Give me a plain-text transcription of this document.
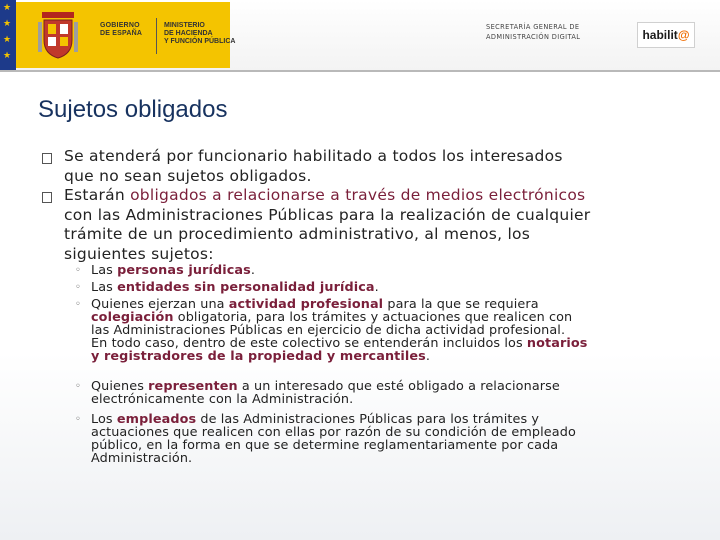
★
★
★
★
GOBIERNO
DE ESPAÑA
MINISTERIO
DE HACIENDA
Y FUNCIÓN PÚBLICA
SECRETARÍA GENERAL DE
ADMINISTRACIÓN DIGITAL	habilit@
Sujetos obligados
Se atenderá por funcionario habilitado a todos los interesados
que no sean sujetos obligados.
Estarán obligados a relacionarse a través de medios electrónicos
con las Administraciones Públicas para la realización de cualquier
trámite de un procedimiento administrativo, al menos, los
siguientes sujetos:
◦ Las personas jurídicas.
◦ Las entidades sin personalidad jurídica.
◦ Quienes ejerzan una actividad profesional para la que se requiera
colegiación obligatoria, para los trámites y actuaciones que realicen con
las Administraciones Públicas en ejercicio de dicha actividad profesional.
En todo caso, dentro de este colectivo se entenderán incluidos los notarios
y registradores de la propiedad y mercantiles.
◦ Quienes representen a un interesado que esté obligado a relacionarse
electrónicamente con la Administración.
◦ Los empleados de las Administraciones Públicas para los trámites y
actuaciones que realicen con ellas por razón de su condición de empleado
público, en la forma en que se determine reglamentariamente por cada
Administración.
